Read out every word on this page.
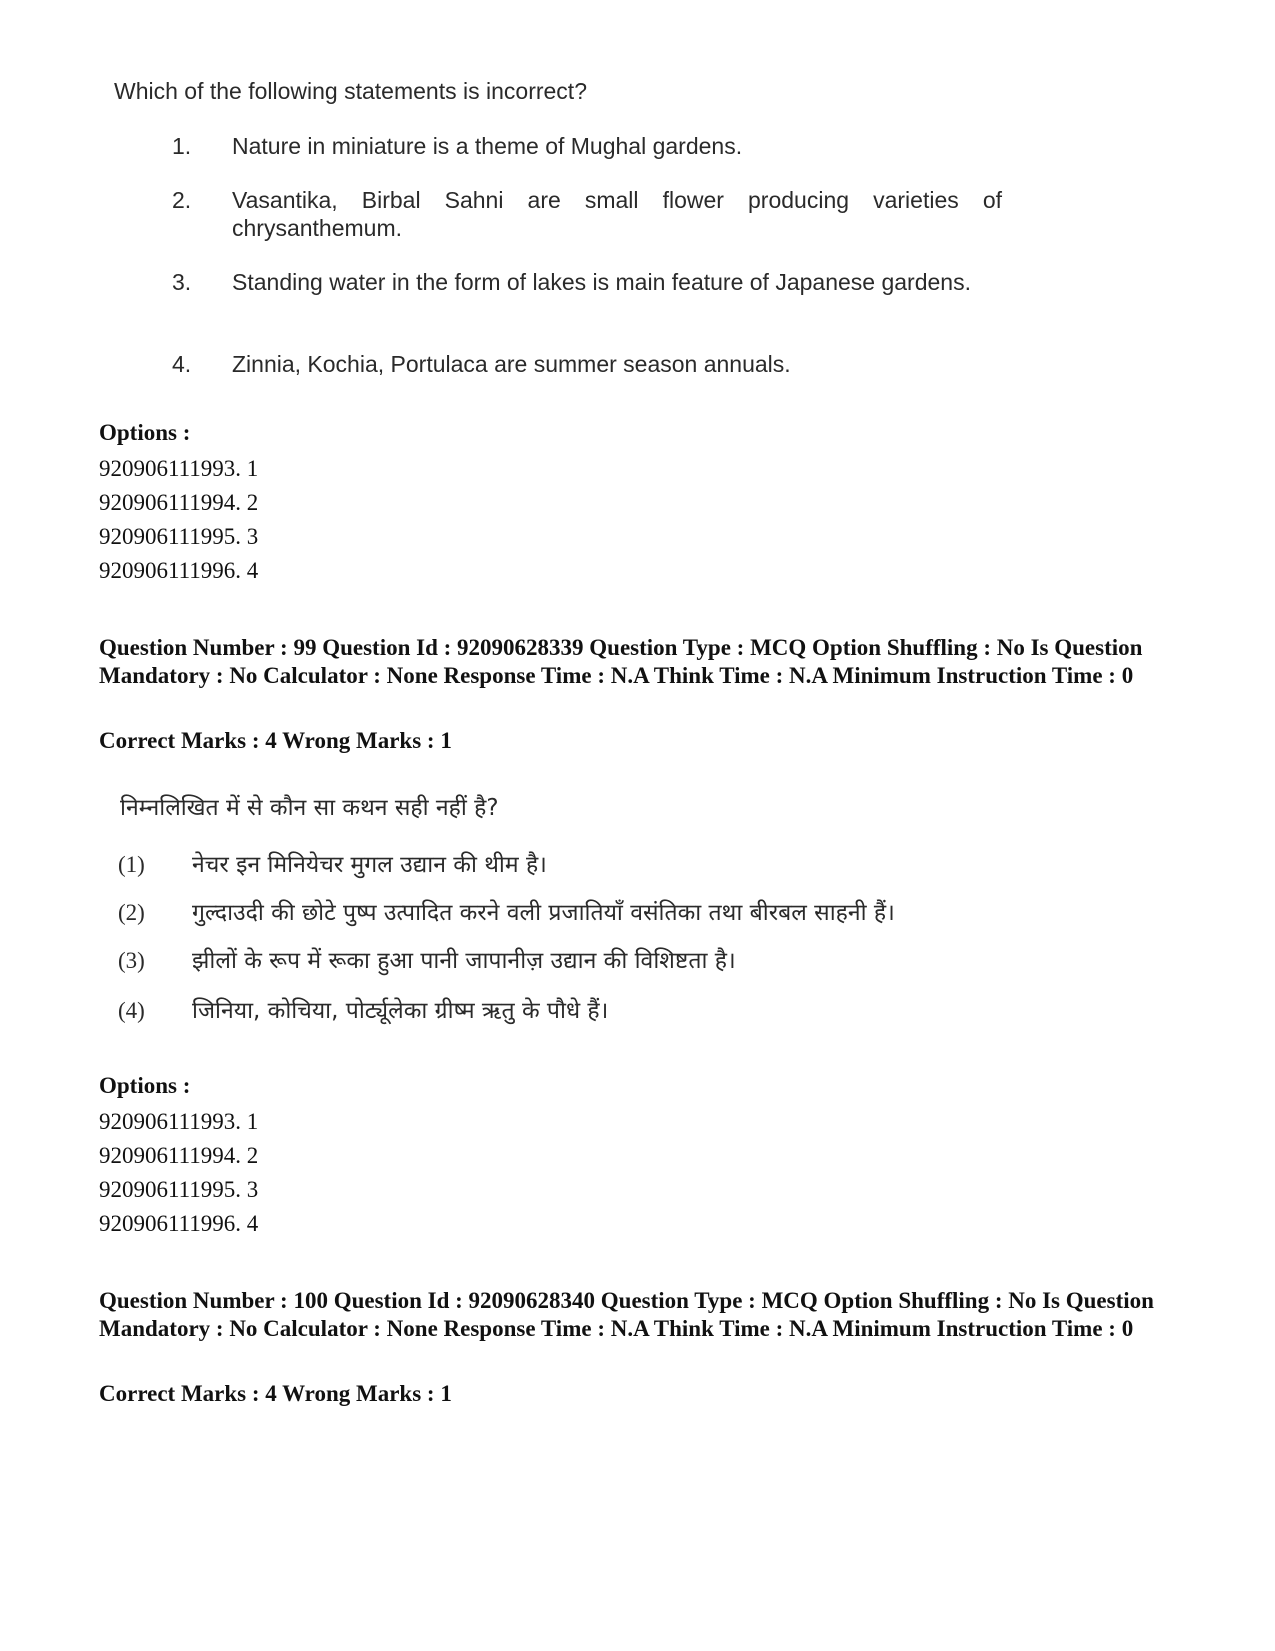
Which of the following statements is incorrect?
1. Nature in miniature is a theme of Mughal gardens.
2. Vasantika, Birbal Sahni are small flower producing varieties of chrysanthemum.
3. Standing water in the form of lakes is main feature of Japanese gardens.
4. Zinnia, Kochia, Portulaca are summer season annuals.
Options :
920906111993. 1
920906111994. 2
920906111995. 3
920906111996. 4
Question Number : 99 Question Id : 92090628339 Question Type : MCQ Option Shuffling : No Is Question Mandatory : No Calculator : None Response Time : N.A Think Time : N.A Minimum Instruction Time : 0
Correct Marks : 4 Wrong Marks : 1
निम्नलिखित में से कौन सा कथन सही नहीं है?
(1) नेचर इन मिनियेचर मुगल उद्यान की थीम है।
(2) गुल्दाउदी की छोटे पुष्प उत्पादित करने वली प्रजातियाँ वसंतिका तथा बीरबल साहनी हैं।
(3) झीलों के रूप में रूका हुआ पानी जापानीज़ उद्यान की विशिष्टता है।
(4) जिनिया, कोचिया, पोर्ट्यूलेका ग्रीष्म ऋतु के पौधे हैं।
Options :
920906111993. 1
920906111994. 2
920906111995. 3
920906111996. 4
Question Number : 100 Question Id : 92090628340 Question Type : MCQ Option Shuffling : No Is Question Mandatory : No Calculator : None Response Time : N.A Think Time : N.A Minimum Instruction Time : 0
Correct Marks : 4 Wrong Marks : 1
